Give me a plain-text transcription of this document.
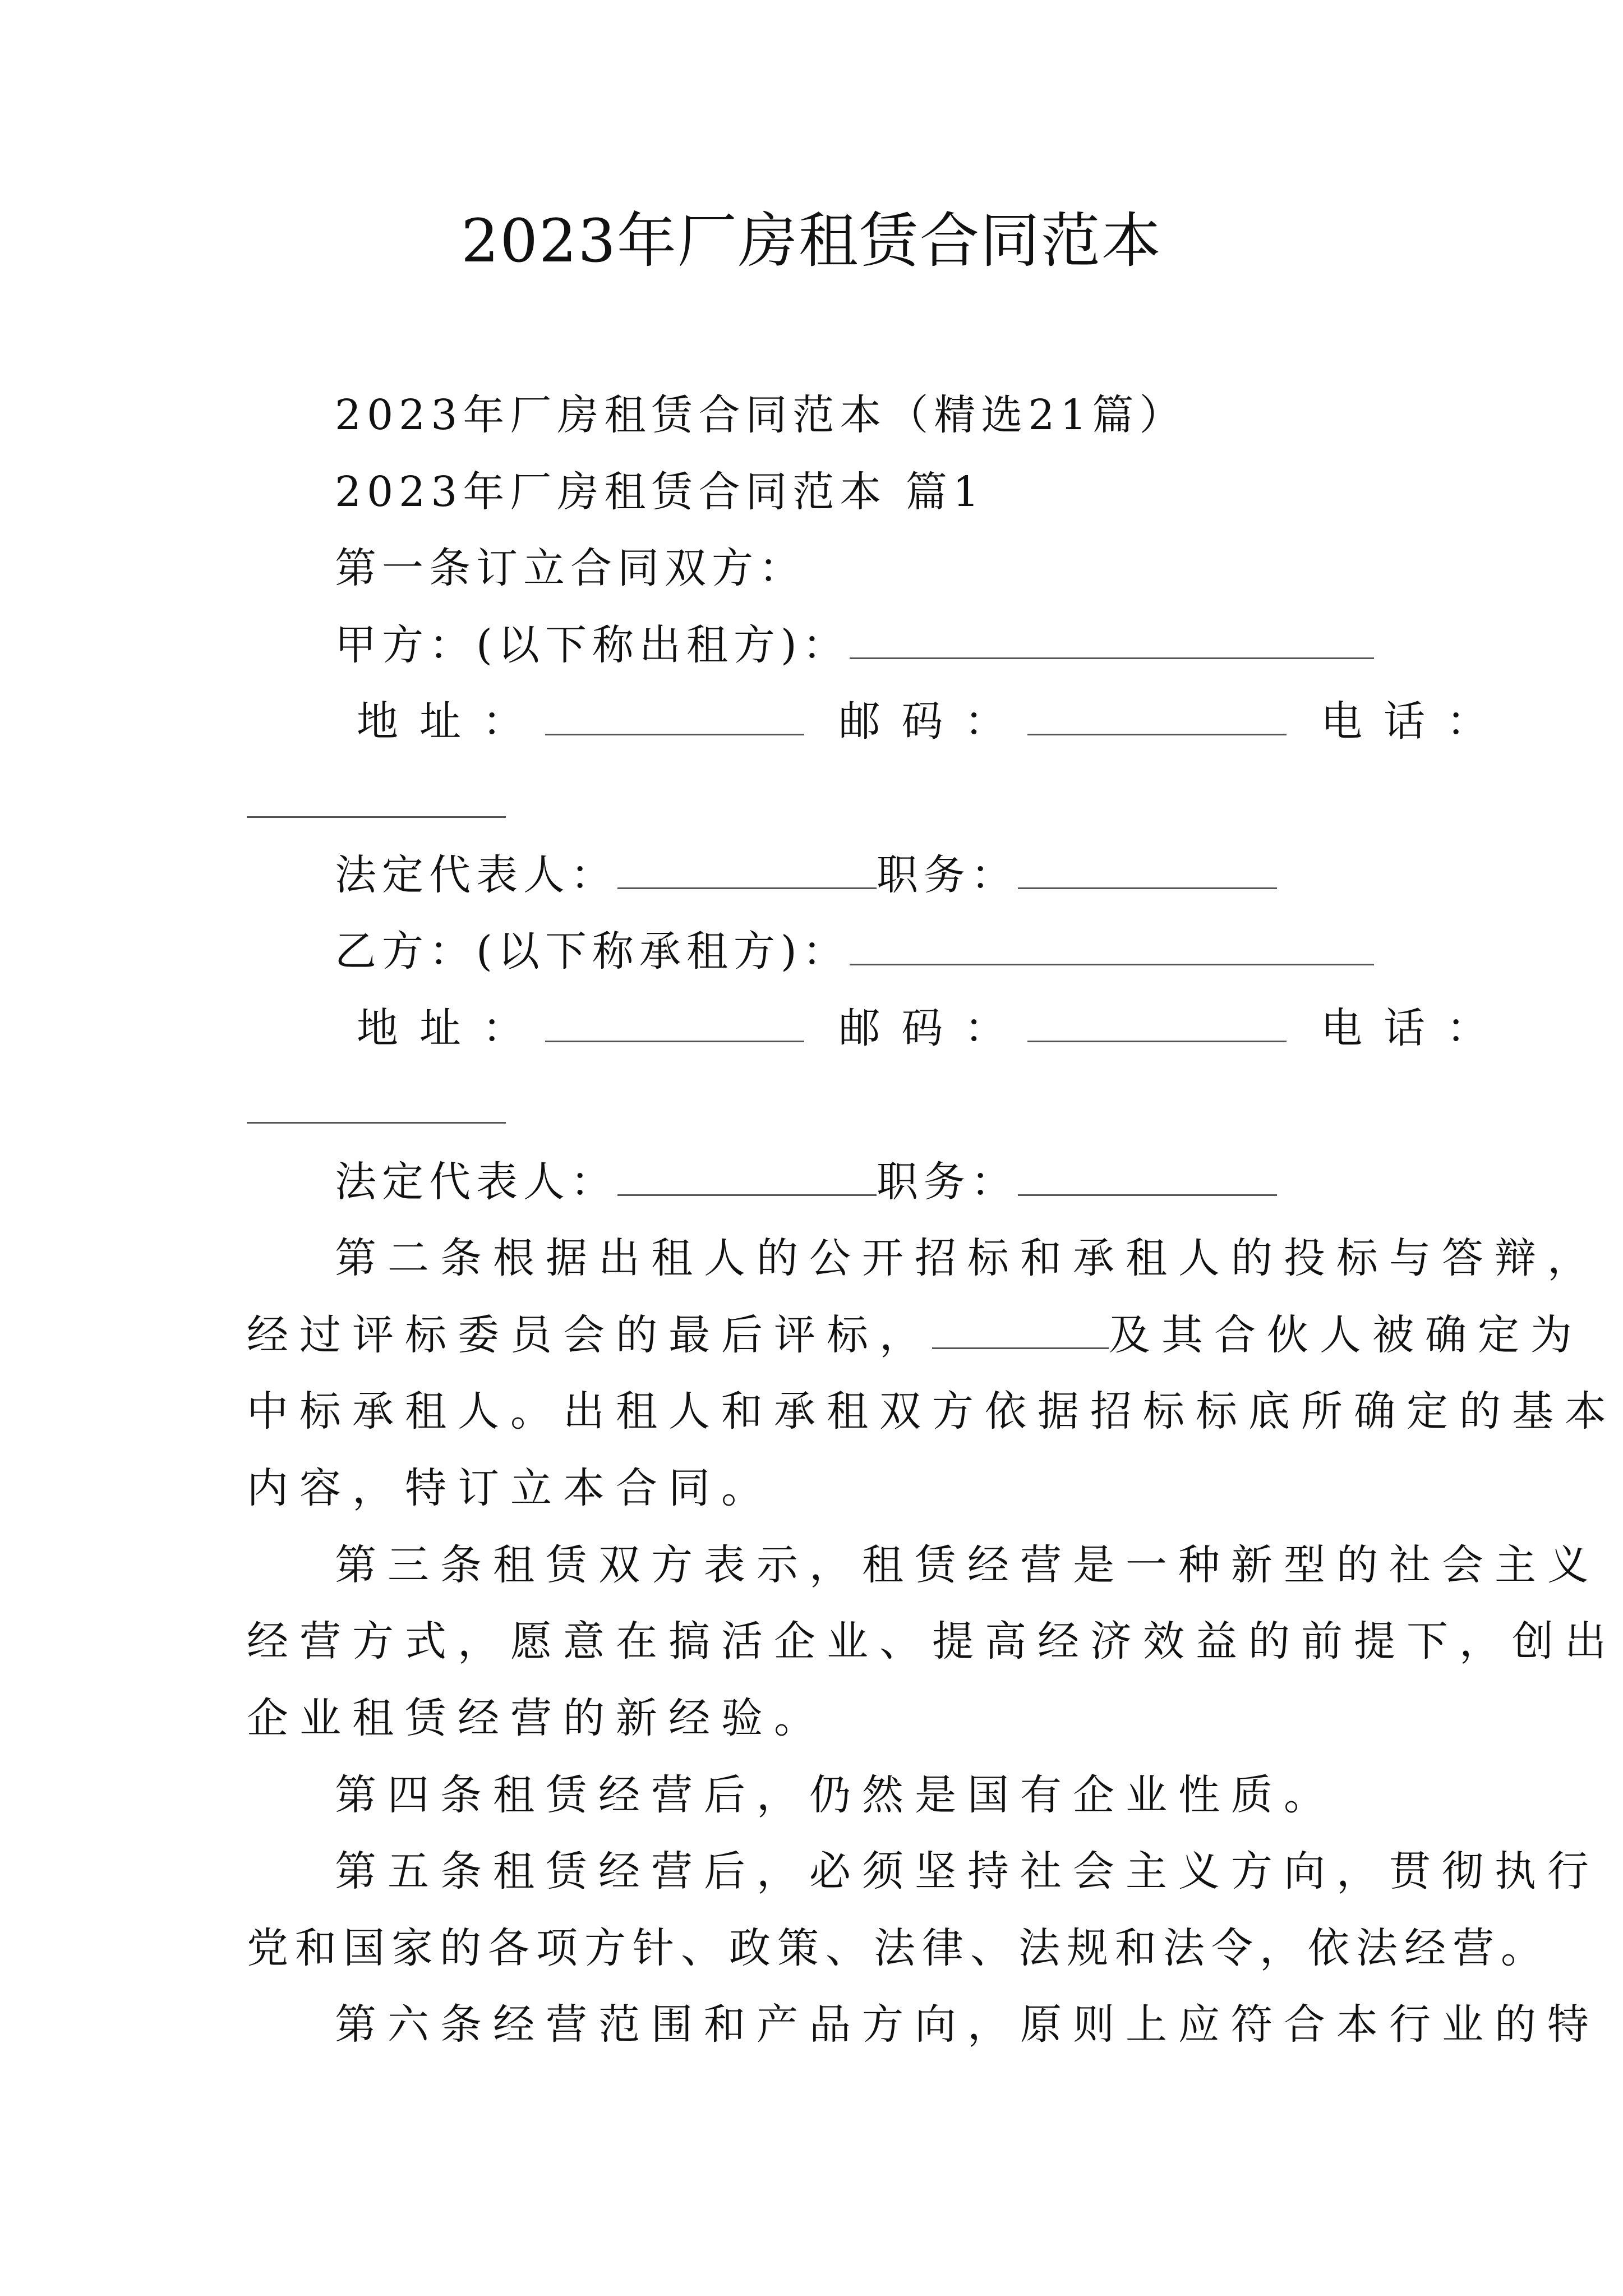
2023年厂房租赁合同范本
2023年厂房租赁合同范本（精选21篇）
2023年厂房租赁合同范本 篇1
第一条订立合同双方：
甲方：(以下称出租方)：
地址：	邮码：	电话：
法定代表人：	职务：
乙方：(以下称承租方)：
地址：	邮码：	电话：
法定代表人：	职务：
第二条根据出租人的公开招标和承租人的投标与答辩，
经过评标委员会的最后评标，	及其合伙人被确定为
中标承租人。出租人和承租双方依据招标标底所确定的基本
内容，特订立本合同。
第三条租赁双方表示，租赁经营是一种新型的社会主义
经营方式，愿意在搞活企业、提高经济效益的前提下，创出
企业租赁经营的新经验。
第四条租赁经营后，仍然是国有企业性质。
第五条租赁经营后，必须坚持社会主义方向，贯彻执行
党和国家的各项方针、政策、法律、法规和法令，依法经营。
第六条经营范围和产品方向，原则上应符合本行业的特
